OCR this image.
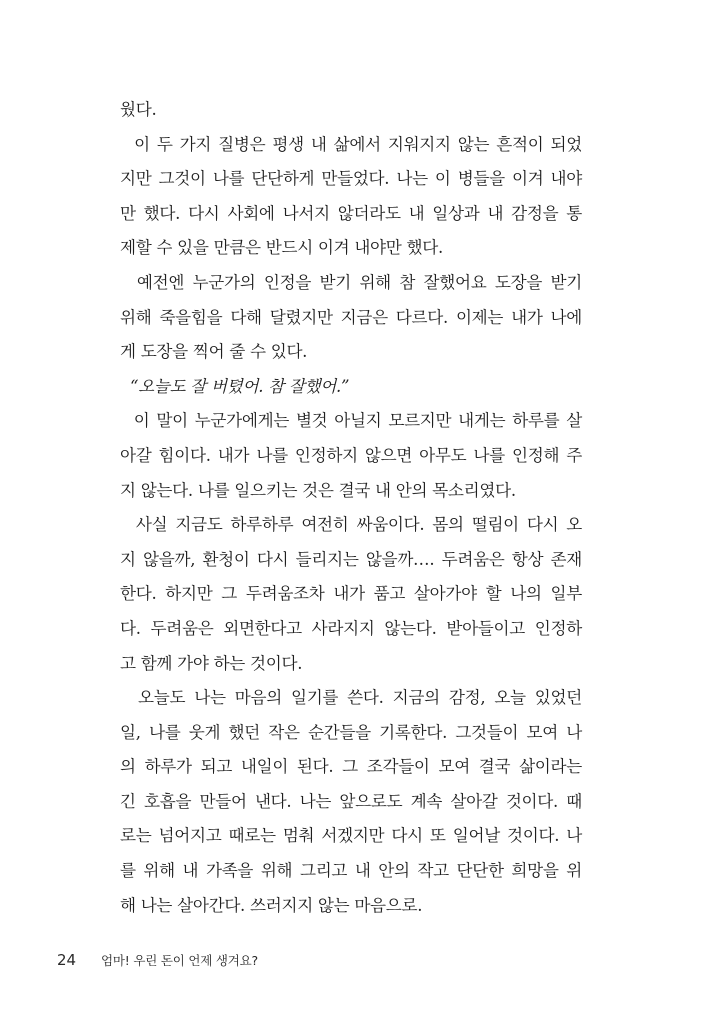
웠다.
이 두 가지 질병은 평생 내 삶에서 지워지지 않는 흔적이 되었
지만 그것이 나를 단단하게 만들었다. 나는 이 병들을 이겨 내야
만 했다. 다시 사회에 나서지 않더라도 내 일상과 내 감정을 통
제할 수 있을 만큼은 반드시 이겨 내야만 했다.
예전엔 누군가의 인정을 받기 위해 참 잘했어요 도장을 받기
위해 죽을힘을 다해 달렸지만 지금은 다르다. 이제는 내가 나에
게 도장을 찍어 줄 수 있다.
“오늘도 잘 버텼어. 참 잘했어.”
이 말이 누군가에게는 별것 아닐지 모르지만 내게는 하루를 살
아갈 힘이다. 내가 나를 인정하지 않으면 아무도 나를 인정해 주
지 않는다. 나를 일으키는 것은 결국 내 안의 목소리였다.
사실 지금도 하루하루 여전히 싸움이다. 몸의 떨림이 다시 오
지 않을까, 환청이 다시 들리지는 않을까…. 두려움은 항상 존재
한다. 하지만 그 두려움조차 내가 품고 살아가야 할 나의 일부
다. 두려움은 외면한다고 사라지지 않는다. 받아들이고 인정하
고 함께 가야 하는 것이다.
오늘도 나는 마음의 일기를 쓴다. 지금의 감정, 오늘 있었던
일, 나를 웃게 했던 작은 순간들을 기록한다. 그것들이 모여 나
의 하루가 되고 내일이 된다. 그 조각들이 모여 결국 삶이라는
긴 호흡을 만들어 낸다. 나는 앞으로도 계속 살아갈 것이다. 때
로는 넘어지고 때로는 멈춰 서겠지만 다시 또 일어날 것이다. 나
를 위해 내 가족을 위해 그리고 내 안의 작고 단단한 희망을 위
해 나는 살아간다. 쓰러지지 않는 마음으로.
24	엄마! 우린 돈이 언제 생겨요?
